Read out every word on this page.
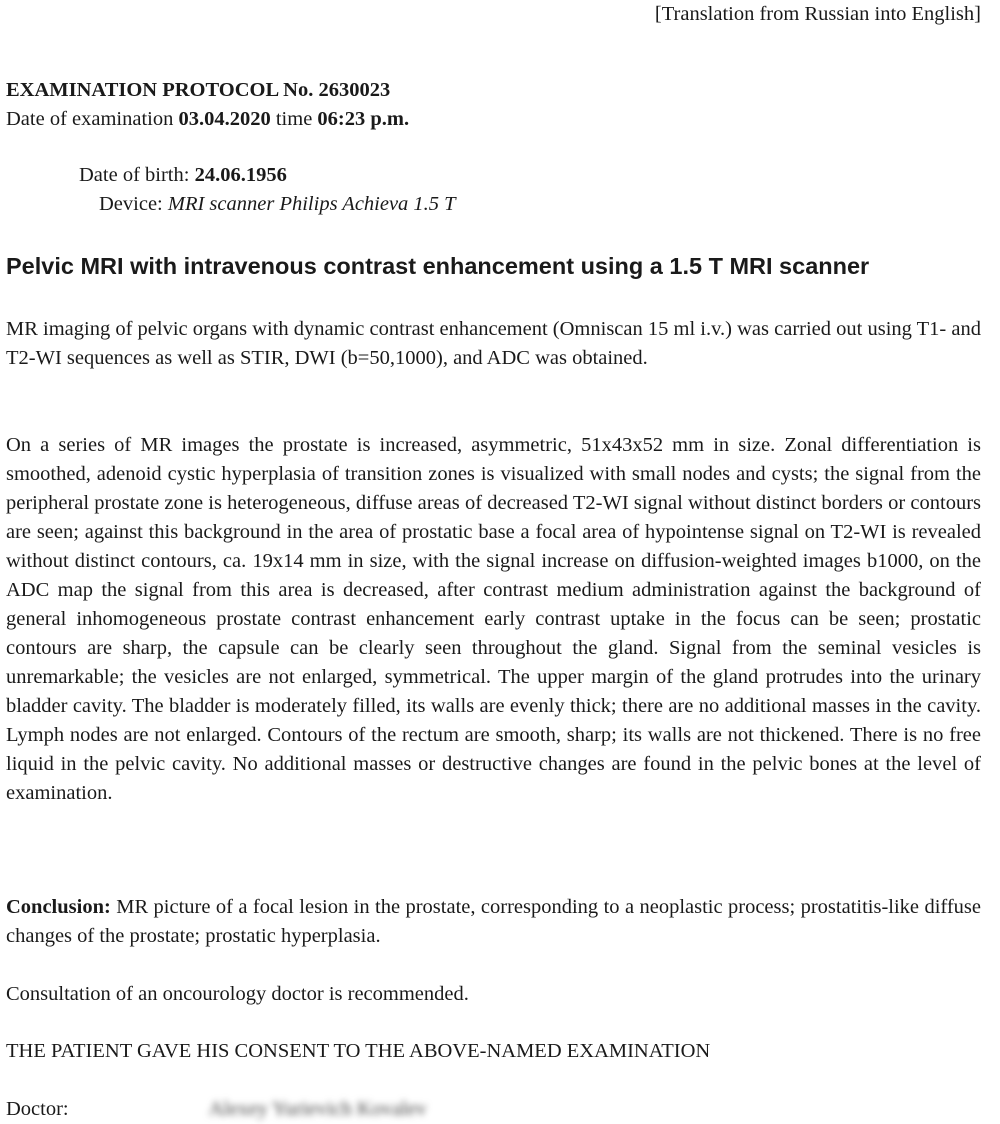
[Translation from Russian into English]
EXAMINATION PROTOCOL No. 2630023
Date of examination 03.04.2020 time 06:23 p.m.
Date of birth: 24.06.1956
Device: MRI scanner Philips Achieva 1.5 T
Pelvic MRI with intravenous contrast enhancement using a 1.5 T MRI scanner
MR imaging of pelvic organs with dynamic contrast enhancement (Omniscan 15 ml i.v.) was carried out using T1- and T2-WI sequences as well as STIR, DWI (b=50,1000), and ADC was obtained.
On a series of MR images the prostate is increased, asymmetric, 51x43x52 mm in size. Zonal differentiation is smoothed, adenoid cystic hyperplasia of transition zones is visualized with small nodes and cysts; the signal from the peripheral prostate zone is heterogeneous, diffuse areas of decreased T2-WI signal without distinct borders or contours are seen; against this background in the area of prostatic base a focal area of hypointense signal on T2-WI is revealed without distinct contours, ca. 19x14 mm in size, with the signal increase on diffusion-weighted images b1000, on the ADC map the signal from this area is decreased, after contrast medium administration against the background of general inhomogeneous prostate contrast enhancement early contrast uptake in the focus can be seen; prostatic contours are sharp, the capsule can be clearly seen throughout the gland. Signal from the seminal vesicles is unremarkable; the vesicles are not enlarged, symmetrical. The upper margin of the gland protrudes into the urinary bladder cavity. The bladder is moderately filled, its walls are evenly thick; there are no additional masses in the cavity. Lymph nodes are not enlarged. Contours of the rectum are smooth, sharp; its walls are not thickened. There is no free liquid in the pelvic cavity. No additional masses or destructive changes are found in the pelvic bones at the level of examination.
Conclusion: MR picture of a focal lesion in the prostate, corresponding to a neoplastic process; prostatitis-like diffuse changes of the prostate; prostatic hyperplasia.
Consultation of an oncourology doctor is recommended.
THE PATIENT GAVE HIS CONSENT TO THE ABOVE-NAMED EXAMINATION
Doctor:	Alexey Yurievich Kovalev
